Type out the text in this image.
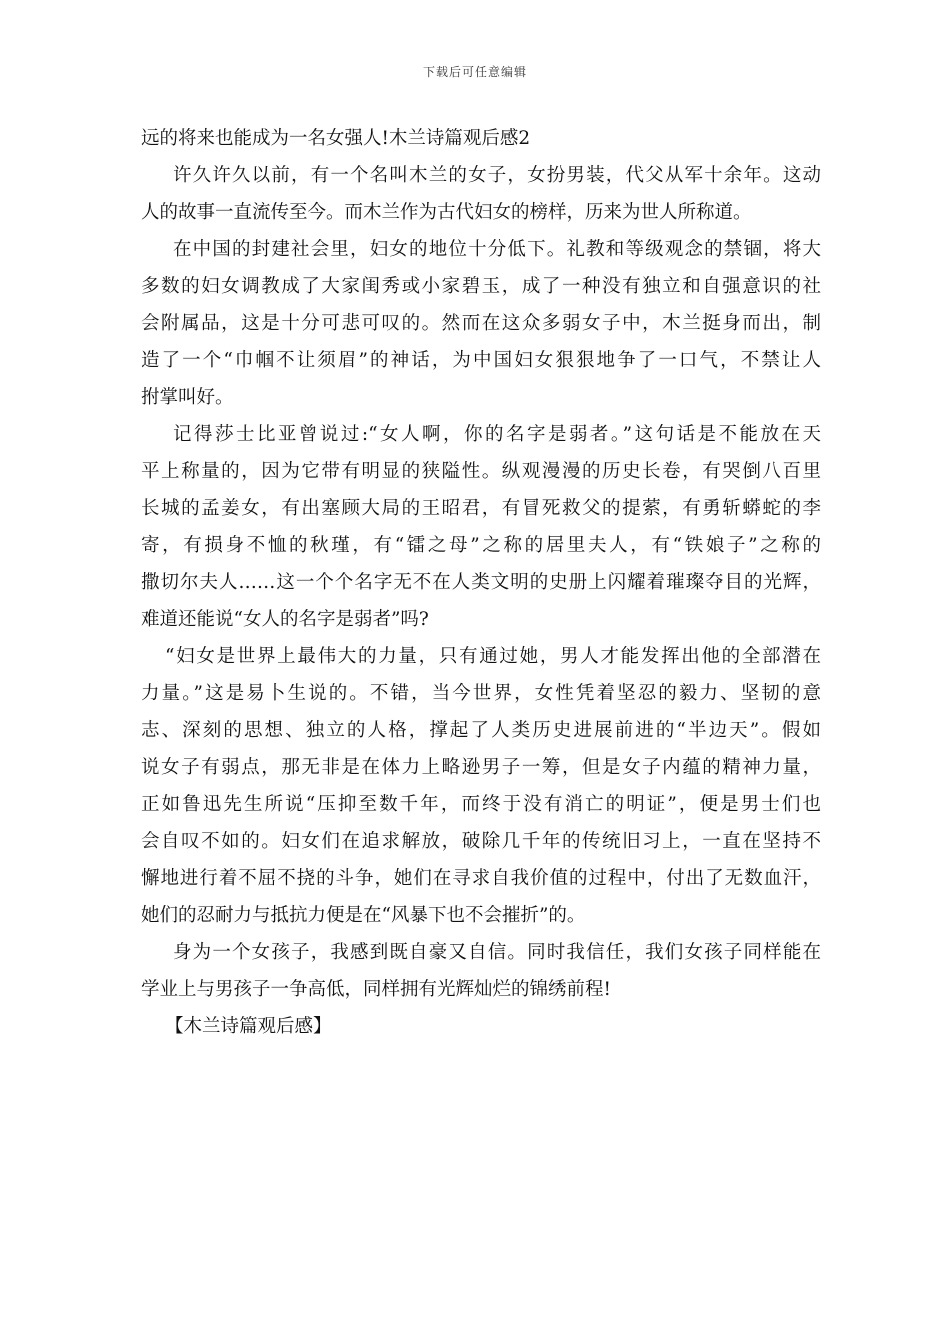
下载后可任意编辑
远的将来也能成为一名女强人!木兰诗篇观后感2
许久许久以前，有一个名叫木兰的女子，女扮男装，代父从军十余年。这动
人的故事一直流传至今。而木兰作为古代妇女的榜样，历来为世人所称道。
在中国的封建社会里，妇女的地位十分低下。礼教和等级观念的禁锢，将大
多数的妇女调教成了大家闺秀或小家碧玉，成了一种没有独立和自强意识的社
会附属品，这是十分可悲可叹的。然而在这众多弱女子中，木兰挺身而出，制
造了一个“巾帼不让须眉”的神话，为中国妇女狠狠地争了一口气，不禁让人
拊掌叫好。
记得莎士比亚曾说过:“女人啊，你的名字是弱者。”这句话是不能放在天
平上称量的，因为它带有明显的狭隘性。纵观漫漫的历史长卷，有哭倒八百里
长城的孟姜女，有出塞顾大局的王昭君，有冒死救父的提萦，有勇斩蟒蛇的李
寄，有损身不恤的秋瑾，有“镭之母”之称的居里夫人，有“铁娘子”之称的
撒切尔夫人……这一个个名字无不在人类文明的史册上闪耀着璀璨夺目的光辉，
难道还能说“女人的名字是弱者”吗?
“妇女是世界上最伟大的力量，只有通过她，男人才能发挥出他的全部潜在
力量。”这是易卜生说的。不错，当今世界，女性凭着坚忍的毅力、坚韧的意
志、深刻的思想、独立的人格，撑起了人类历史进展前进的“半边天”。假如
说女子有弱点，那无非是在体力上略逊男子一筹，但是女子内蕴的精神力量，
正如鲁迅先生所说“压抑至数千年，而终于没有消亡的明证”，便是男士们也
会自叹不如的。妇女们在追求解放，破除几千年的传统旧习上，一直在坚持不
懈地进行着不屈不挠的斗争，她们在寻求自我价值的过程中，付出了无数血汗，
她们的忍耐力与抵抗力便是在“风暴下也不会摧折”的。
身为一个女孩子，我感到既自豪又自信。同时我信任，我们女孩子同样能在
学业上与男孩子一争高低，同样拥有光辉灿烂的锦绣前程!
【木兰诗篇观后感】
